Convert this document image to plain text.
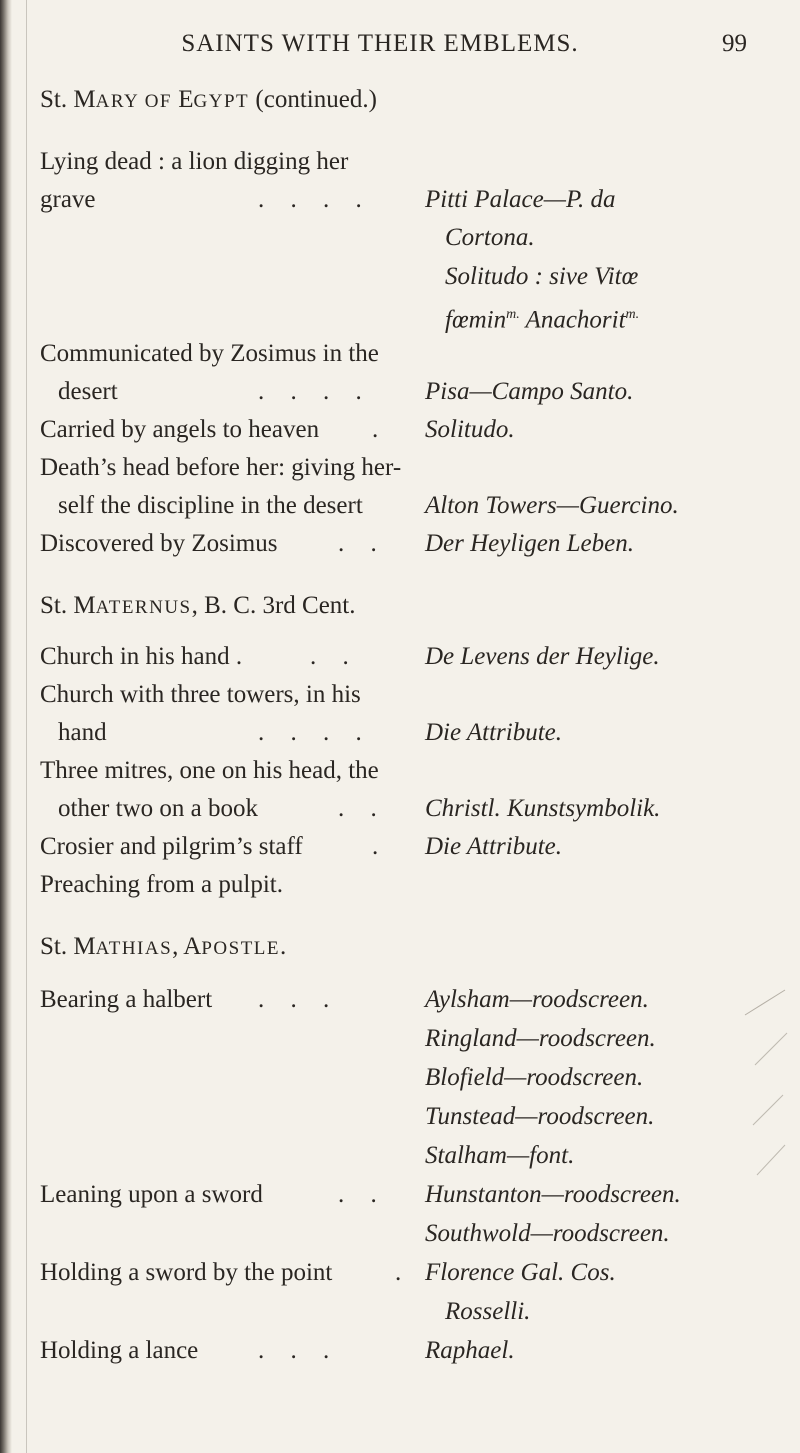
SAINTS WITH THEIR EMBLEMS.	99
St. MARY OF EGYPT (continued.)
Lying dead : a lion digging her
grave	. . . .	Pitti Palace—P. da
Cortona.
Solitudo : sive Vitœ
fœmin$^{m.}$ Anachorit$^{m.}$
Communicated by Zosimus in the
desert	. . . .	Pisa—Campo Santo.
Carried by angels to heaven . Solitudo.
Death’s head before her: giving her-
self the discipline in the desert Alton Towers—Guercino.
Discovered by Zosimus . . Der Heyligen Leben.
St. MATERNUS, B. C. 3rd Cent.
Church in his hand .	. .	De Levens der Heylige.
Church with three towers, in his
hand	. . . .	Die Attribute.
Three mitres, one on his head, the
other two on a book	. . Christl. Kunstsymbolik.
Crosier and pilgrim’s staff	. Die Attribute.
Preaching from a pulpit.
St. MATHIAS, APOSTLE.
Bearing a halbert . . .	Aylsham—roodscreen.
Ringland—roodscreen.
Blofield—roodscreen.
Tunstead—roodscreen.
Stalham—font.
Leaning upon a sword	. . Hunstanton—roodscreen.
Southwold—roodscreen.
Holding a sword by the point	. Florence Gal. Cos.
Rosselli.
Holding a lance . . .	Raphael.
